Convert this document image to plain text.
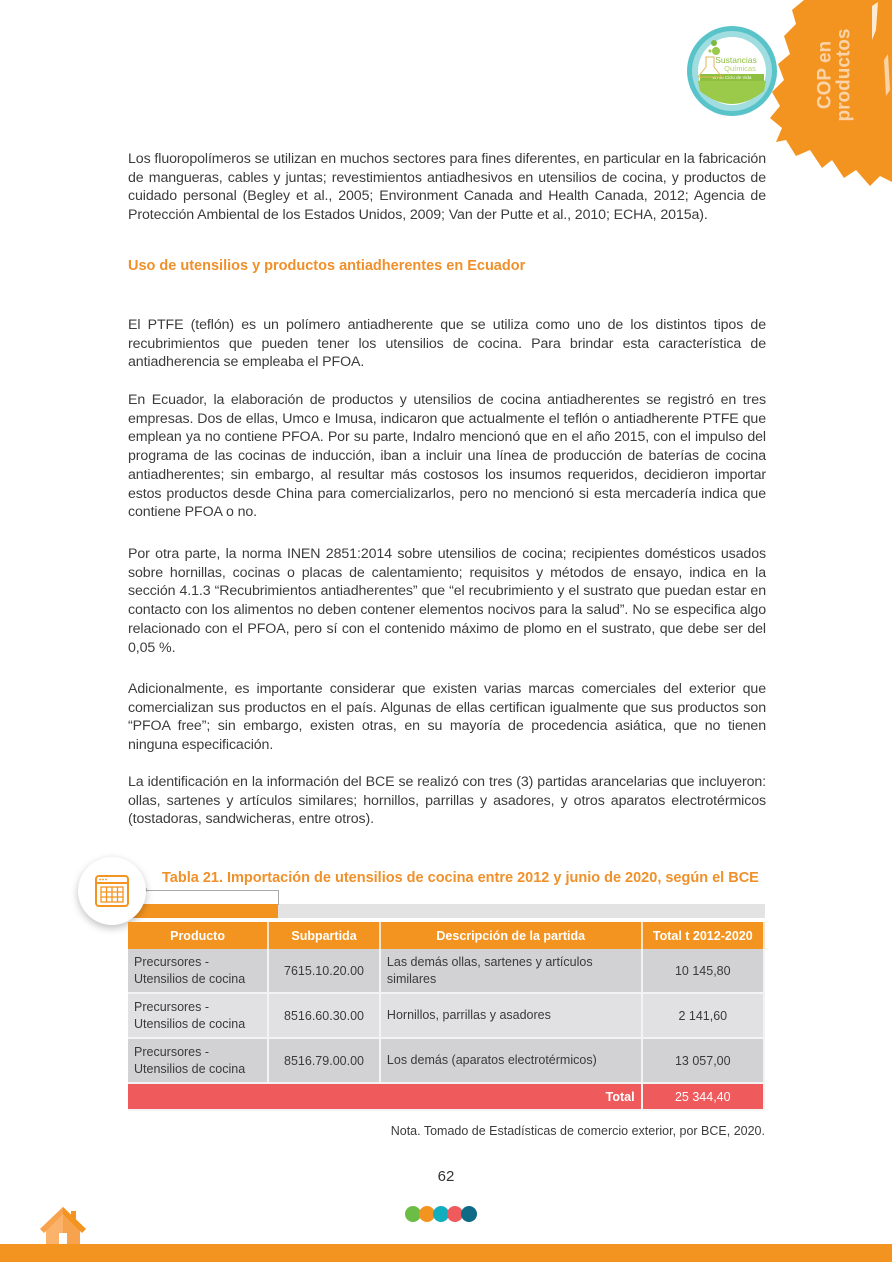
COP en
productos
en su Ciclo de Vida
Sustancias
Químicas

Los fluoropolímeros se utilizan en muchos sectores para fines diferentes, en particular en la fabricación de mangueras, cables y juntas; revestimientos antiadhesivos en utensilios de cocina, y productos de cuidado personal (Begley et al., 2005; Environment Canada and Health Canada, 2012; Agencia de Protección Ambiental de los Estados Unidos, 2009; Van der Putte et al., 2010; ECHA, 2015a).

Uso de utensilios y productos antiadherentes en Ecuador

El PTFE (teflón) es un polímero antiadherente que se utiliza como uno de los distintos tipos de recubrimientos que pueden tener los utensilios de cocina. Para brindar esta característica de antiadherencia se empleaba el PFOA.

En Ecuador, la elaboración de productos y utensilios de cocina antiadherentes se registró en tres empresas. Dos de ellas, Umco e Imusa, indicaron que actualmente el teflón o antiadherente PTFE que emplean ya no contiene PFOA. Por su parte, Indalro mencionó que en el año 2015, con el impulso del programa de las cocinas de inducción, iban a incluir una línea de producción de baterías de cocina antiadherentes; sin embargo, al resultar más costosos los insumos requeridos, decidieron importar estos productos desde China para comercializarlos, pero no mencionó si esta mercadería indica que contiene PFOA o no.

Por otra parte, la norma INEN 2851:2014 sobre utensilios de cocina; recipientes domésticos usados sobre hornillas, cocinas o placas de calentamiento; requisitos y métodos de ensayo, indica en la sección 4.1.3 “Recubrimientos antiadherentes” que “el recubrimiento y el sustrato que puedan estar en contacto con los alimentos no deben contener elementos nocivos para la salud”. No se especifica algo relacionado con el PFOA, pero sí con el contenido máximo de plomo en el sustrato, que debe ser del 0,05 %.

Adicionalmente, es importante considerar que existen varias marcas comerciales del exterior que comercializan sus productos en el país. Algunas de ellas certifican igualmente que sus productos son “PFOA free”; sin embargo, existen otras, en su mayoría de procedencia asiática, que no tienen ninguna especificación.

La identificación en la información del BCE se realizó con tres (3) partidas arancelarias que incluyeron: ollas, sartenes y artículos similares; hornillos, parrillas y asadores, y otros aparatos electrotérmicos (tostadoras, sandwicheras, entre otros).

Tabla 21. Importación de utensilios de cocina entre 2012 y junio de 2020, según el BCE
Producto	Subpartida	Descripción de la partida	Total t 2012-2020
Precursores - Utensilios de cocina	7615.10.20.00	Las demás ollas, sartenes y artículos similares	10 145,80
Precursores - Utensilios de cocina	8516.60.30.00	Hornillos, parrillas y asadores	2 141,60
Precursores - Utensilios de cocina	8516.79.00.00	Los demás (aparatos electrotérmicos)	13 057,00
Total			25 344,40
Nota. Tomado de Estadísticas de comercio exterior, por BCE, 2020.
62
